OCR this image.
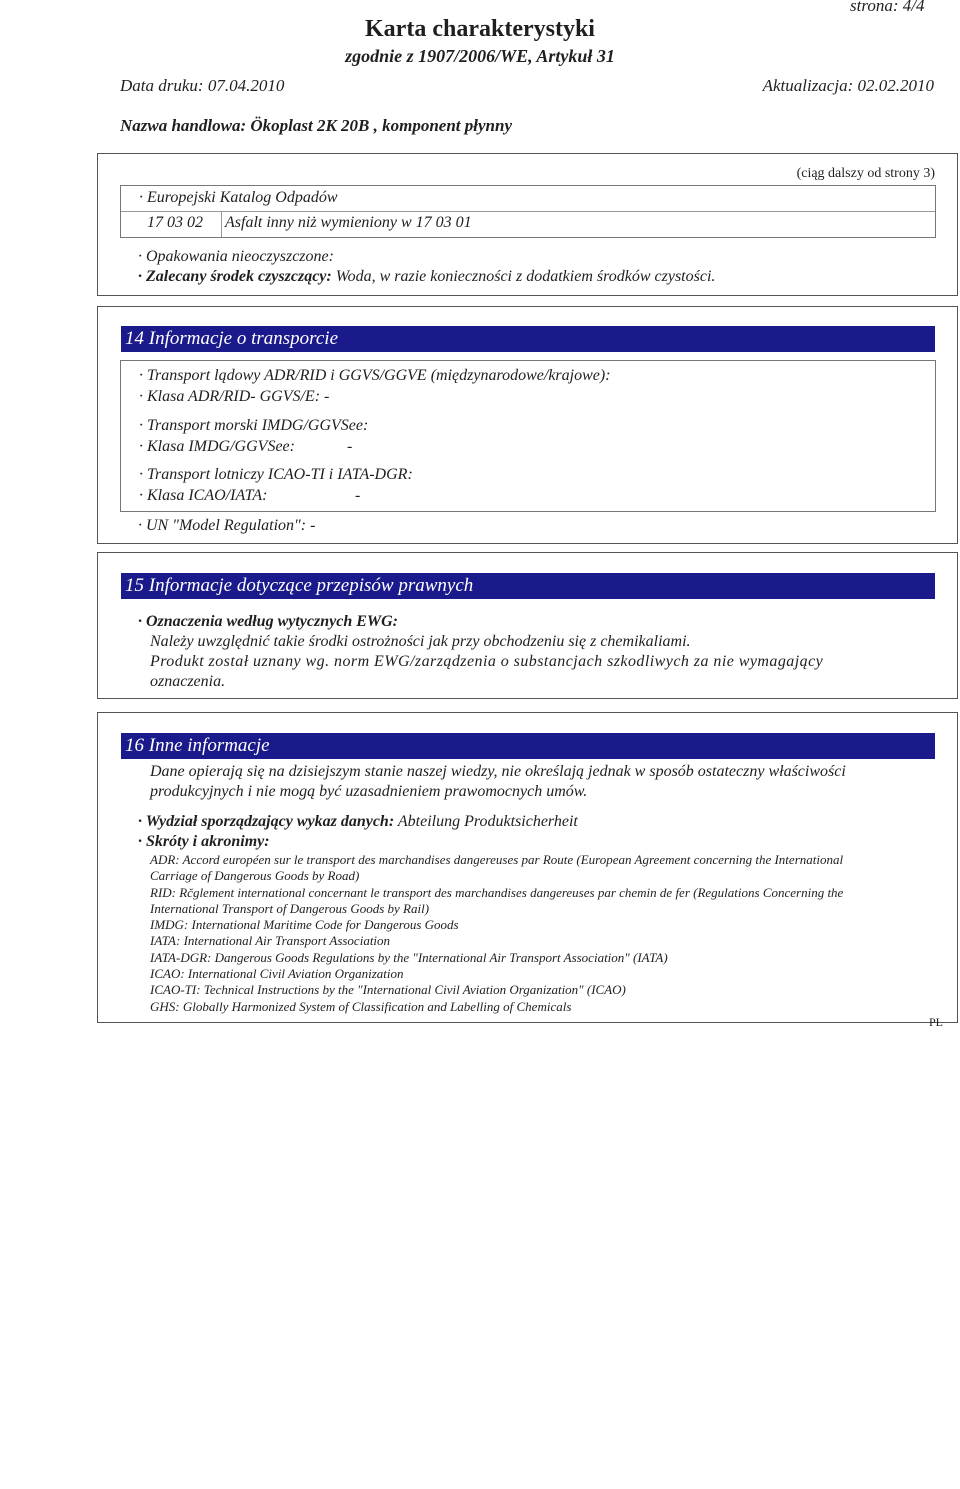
strona: 4/4
Karta charakterystyki
zgodnie z 1907/2006/WE, Artykuł 31
Data druku: 07.04.2010	Aktualizacja: 02.02.2010
Nazwa handlowa: Ökoplast 2K 20B , komponent płynny
(ciąg dalszy od strony 3)
· Europejski Katalog Odpadów
17 03 02 Asfalt inny niż wymieniony w 17 03 01
· Opakowania nieoczyszczone:
· Zalecany środek czyszczący: Woda, w razie konieczności z dodatkiem środków czystości.
14 Informacje o transporcie
· Transport lądowy ADR/RID i GGVS/GGVE (międzynarodowe/krajowe):
· Klasa ADR/RID- GGVS/E: -
· Transport morski IMDG/GGVSee:
· Klasa IMDG/GGVSee:	-
· Transport lotniczy ICAO-TI i IATA-DGR:
· Klasa ICAO/IATA:	-
· UN "Model Regulation": -
15 Informacje dotyczące przepisów prawnych
· Oznaczenia według wytycznych EWG:
Należy uwzględnić takie środki ostrożności jak przy obchodzeniu się z chemikaliami.
Produkt został uznany wg. norm EWG/zarządzenia o substancjach szkodliwych za nie wymagający
oznaczenia.
16 Inne informacje
Dane opierają się na dzisiejszym stanie naszej wiedzy, nie określają jednak w sposób ostateczny właściwości
produkcyjnych i nie mogą być uzasadnieniem prawomocnych umów.
· Wydział sporządzający wykaz danych: Abteilung Produktsicherheit
· Skróty i akronimy:
ADR: Accord européen sur le transport des marchandises dangereuses par Route (European Agreement concerning the International
Carriage of Dangerous Goods by Road)
RID: Rčglement international concernant le transport des marchandises dangereuses par chemin de fer (Regulations Concerning the
International Transport of Dangerous Goods by Rail)
IMDG: International Maritime Code for Dangerous Goods
IATA: International Air Transport Association
IATA-DGR: Dangerous Goods Regulations by the "International Air Transport Association" (IATA)
ICAO: International Civil Aviation Organization
ICAO-TI: Technical Instructions by the "International Civil Aviation Organization" (ICAO)
GHS: Globally Harmonized System of Classification and Labelling of Chemicals
PL
